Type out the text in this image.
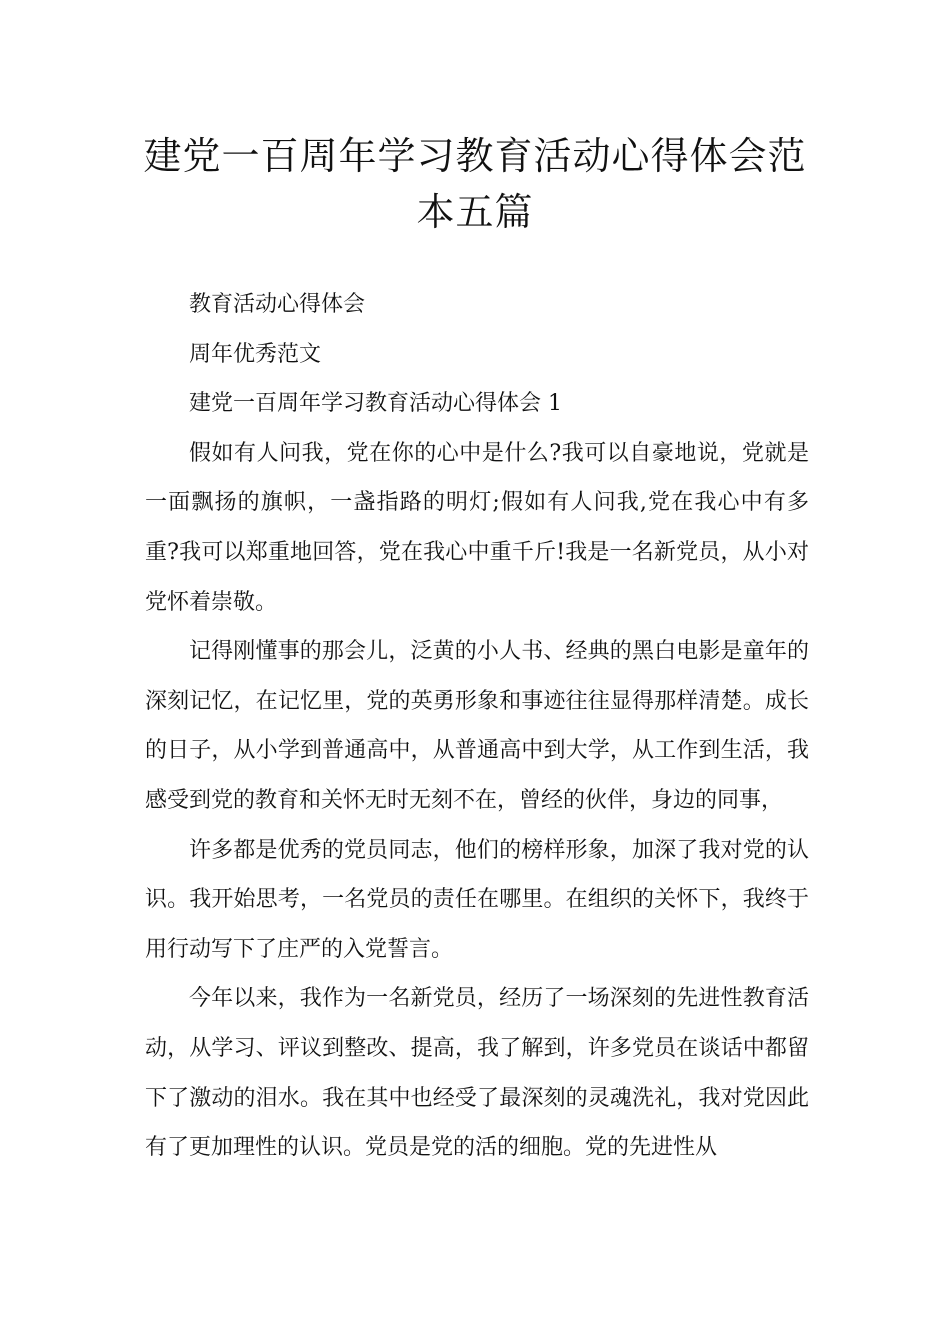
建党一百周年学习教育活动心得体会范
本五篇

教育活动心得体会

周年优秀范文

建党一百周年学习教育活动心得体会 1

假如有人问我，党在你的心中是什么?我可以自豪地说，党就是一面飘扬的旗帜，一盏指路的明灯;假如有人问我,党在我心中有多重?我可以郑重地回答，党在我心中重千斤!我是一名新党员，从小对党怀着崇敬。

记得刚懂事的那会儿，泛黄的小人书、经典的黑白电影是童年的深刻记忆，在记忆里，党的英勇形象和事迹往往显得那样清楚。成长的日子，从小学到普通高中，从普通高中到大学，从工作到生活，我感受到党的教育和关怀无时无刻不在，曾经的伙伴，身边的同事，

许多都是优秀的党员同志，他们的榜样形象，加深了我对党的认识。我开始思考，一名党员的责任在哪里。在组织的关怀下，我终于用行动写下了庄严的入党誓言。

今年以来，我作为一名新党员，经历了一场深刻的先进性教育活动，从学习、评议到整改、提高，我了解到，许多党员在谈话中都留下了激动的泪水。我在其中也经受了最深刻的灵魂洗礼，我对党因此有了更加理性的认识。党员是党的活的细胞。党的先进性从
